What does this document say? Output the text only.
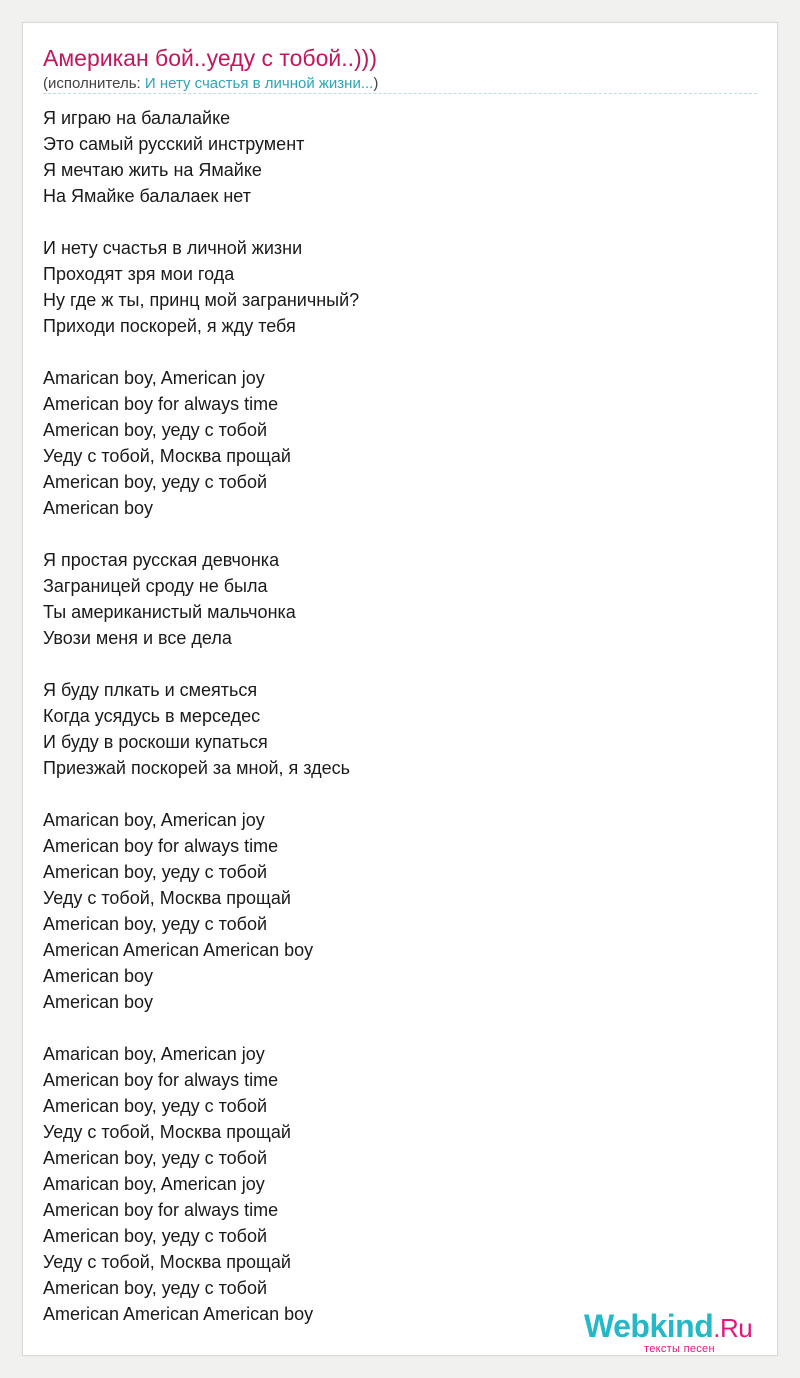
Американ бой..уеду с тобой..)))
(исполнитель: И нету счастья в личной жизни...)
Я играю на балалайке
Это самый русский инструмент
Я мечтаю жить на Ямайке
На Ямайке балалаек нет
И нету счастья в личной жизни
Проходят зря мои года
Ну где ж ты, принц мой заграничный?
Приходи поскорей, я жду тебя
Amarican boy, American joy
American boy for always time
American boy, уеду с тобой
Уеду с тобой, Москва прощай
American boy, уеду с тобой
American boy
Я простая русская девчонка
Заграницей сроду не была
Ты американистый мальчонка
Увози меня и все дела
Я буду плкать и смеяться
Когда усядусь в мерседес
И буду в роскоши купаться
Приезжай поскорей за мной, я здесь
Amarican boy, American joy
American boy for always time
American boy, уеду с тобой
Уеду с тобой, Москва прощай
American boy, уеду с тобой
American American American boy
American boy
American boy
Amarican boy, American joy
American boy for always time
American boy, уеду с тобой
Уеду с тобой, Москва прощай
American boy, уеду с тобой
Amarican boy, American joy
American boy for always time
American boy, уеду с тобой
Уеду с тобой, Москва прощай
American boy, уеду с тобой
American American American boy	Webkind.Ru
тексты песен
